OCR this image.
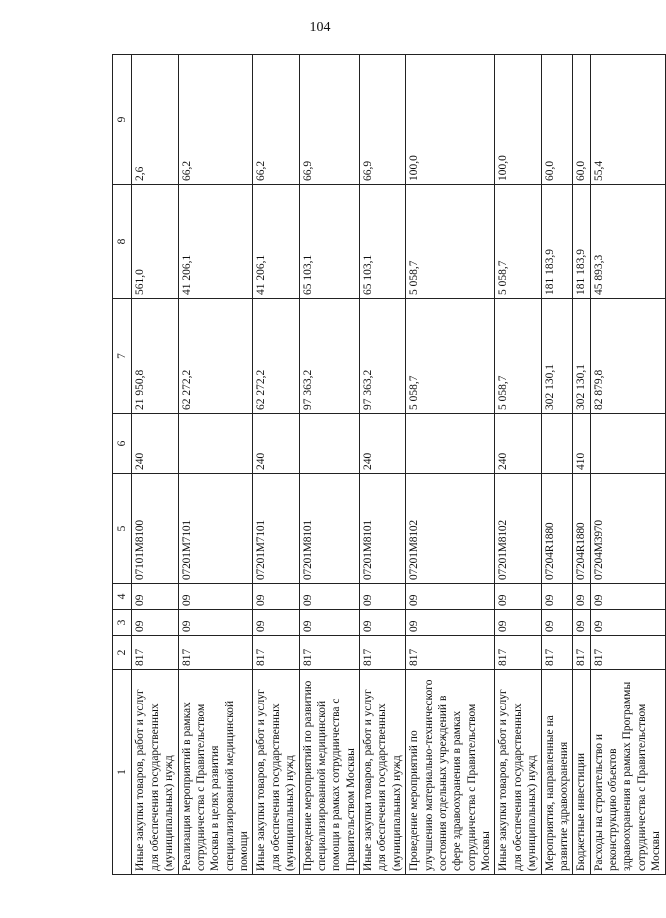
104
1	2	3	4	5	6	7	8	9
Иные закупки товаров, работ и услуг для обеспечения государственных (муниципальных) нужд	817	09	09	07101M8100	240	21 950,8	561,0	2,6
Реализация мероприятий в рамках сотрудничества с Правительством Москвы в целях развития специализированной медицинской помощи	817	09	09	07201M7101		62 272,2	41 206,1	66,2
Иные закупки товаров, работ и услуг для обеспечения государственных (муниципальных) нужд	817	09	09	07201M7101	240	62 272,2	41 206,1	66,2
Проведение мероприятий по развитию специализированной медицинской помощи в рамках сотрудничества с Правительством Москвы	817	09	09	07201M8101		97 363,2	65 103,1	66,9
Иные закупки товаров, работ и услуг для обеспечения государственных (муниципальных) нужд	817	09	09	07201M8101	240	97 363,2	65 103,1	66,9
Проведение мероприятий по улучшению материально-технического состояния отдельных учреждений в сфере здравоохранения в рамках сотрудничества с Правительством Москвы	817	09	09	07201M8102		5 058,7	5 058,7	100,0
Иные закупки товаров, работ и услуг для обеспечения государственных (муниципальных) нужд	817	09	09	07201M8102	240	5 058,7	5 058,7	100,0
Мероприятия, направленные на развитие здравоохранения	817	09	09	07204R1880		302 130,1	181 183,9	60,0
Бюджетные инвестиции	817	09	09	07204R1880	410	302 130,1	181 183,9	60,0
Расходы на строительство и реконструкцию объектов здравоохранения в рамках Программы сотрудничества с Правительством Москвы	817	09	09	07204M3970		82 879,8	45 893,3	55,4
